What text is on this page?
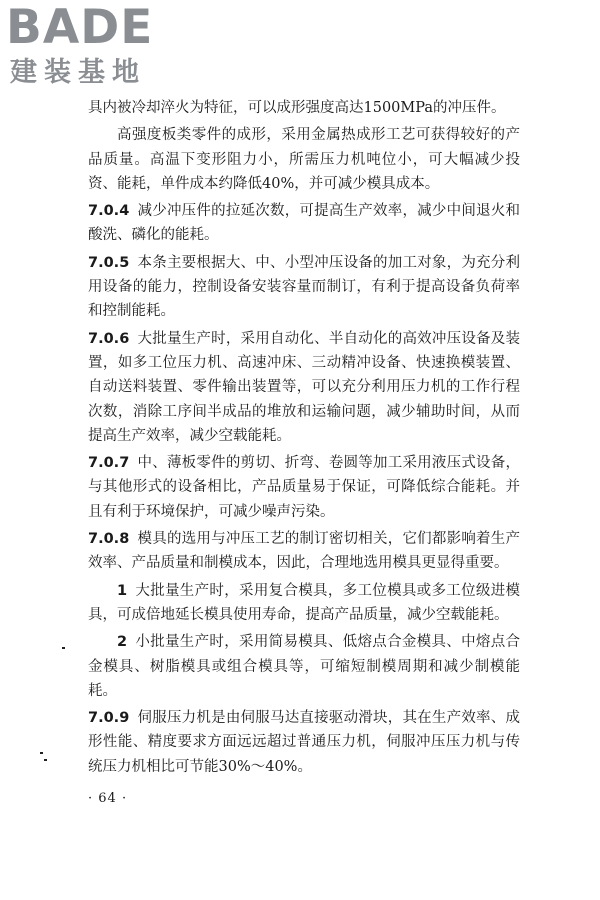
BADE
建装基地

具内被冷却淬火为特征，可以成形强度高达1500MPa的冲压件。

高强度板类零件的成形，采用金属热成形工艺可获得较好的产品质量。高温下变形阻力小，所需压力机吨位小，可大幅减少投资、能耗，单件成本约降低40%，并可减少模具成本。

7.0.4 减少冲压件的拉延次数，可提高生产效率，减少中间退火和酸洗、磷化的能耗。

7.0.5 本条主要根据大、中、小型冲压设备的加工对象，为充分利用设备的能力，控制设备安装容量而制订，有利于提高设备负荷率和控制能耗。

7.0.6 大批量生产时，采用自动化、半自动化的高效冲压设备及装置，如多工位压力机、高速冲床、三动精冲设备、快速换模装置、自动送料装置、零件输出装置等，可以充分利用压力机的工作行程次数，消除工序间半成品的堆放和运输问题，减少辅助时间，从而提高生产效率，减少空载能耗。

7.0.7 中、薄板零件的剪切、折弯、卷圆等加工采用液压式设备，与其他形式的设备相比，产品质量易于保证，可降低综合能耗。并且有利于环境保护，可减少噪声污染。

7.0.8 模具的选用与冲压工艺的制订密切相关，它们都影响着生产效率、产品质量和制模成本，因此，合理地选用模具更显得重要。

1 大批量生产时，采用复合模具，多工位模具或多工位级进模具，可成倍地延长模具使用寿命，提高产品质量，减少空载能耗。

2 小批量生产时，采用简易模具、低熔点合金模具、中熔点合金模具、树脂模具或组合模具等，可缩短制模周期和减少制模能耗。

7.0.9 伺服压力机是由伺服马达直接驱动滑块，其在生产效率、成形性能、精度要求方面远远超过普通压力机，伺服冲压压力机与传统压力机相比可节能30%～40%。

· 64 ·
